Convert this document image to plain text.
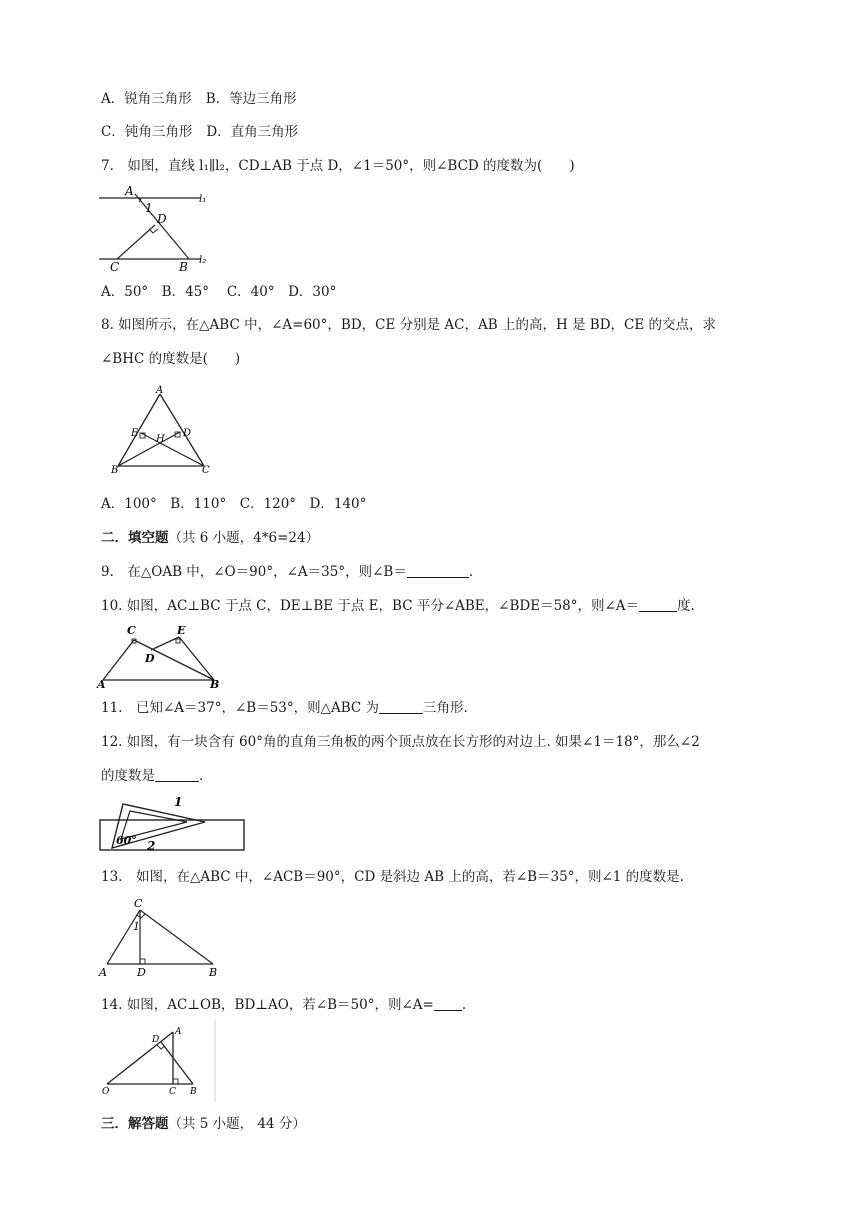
A．锐角三角形 B．等边三角形
C．钝角三角形 D．直角三角形
7.　如图，直线 l₁∥l₂，CD⊥AB 于点 D，∠1＝50°，则∠BCD 的度数为(　　)
A
1
D
C	B
l₁
l₂
A．50°　B．45°　 C．40°　D．30°
8. 如图所示，在△ABC 中，∠A=60°，BD，CE 分别是 AC，AB 上的高，H 是 BD，CE 的交点，求
∠BHC 的度数是(　　)
A
E
H
D
B	C
A．100°　B．110°　C．120°　D．140°
二．填空题（共 6 小题，4*6=24）
9.　在△OAB 中，∠O＝90°，∠A＝35°，则∠B＝	.
10. 如图，AC⊥BC 于点 C，DE⊥BE 于点 E，BC 平分∠ABE，∠BDE＝58°，则∠A＝	度.
C	E
D
A	B
11.　已知∠A＝37°，∠B＝53°，则△ABC 为	三角形.
12. 如图，有一块含有 60°角的直角三角板的两个顶点放在长方形的对边上. 如果∠1＝18°，那么∠2
的度数是	.
1
60° 2
13.　如图，在△ABC 中，∠ACB＝90°，CD 是斜边 AB 上的高，若∠B＝35°，则∠1 的度数是.
C
1
A	D	B
14. 如图，AC⊥OB，BD⊥AO，若∠B＝50°，则∠A= .
D
A
O	C B
三．解答题（共 5 小题， 44 分）
